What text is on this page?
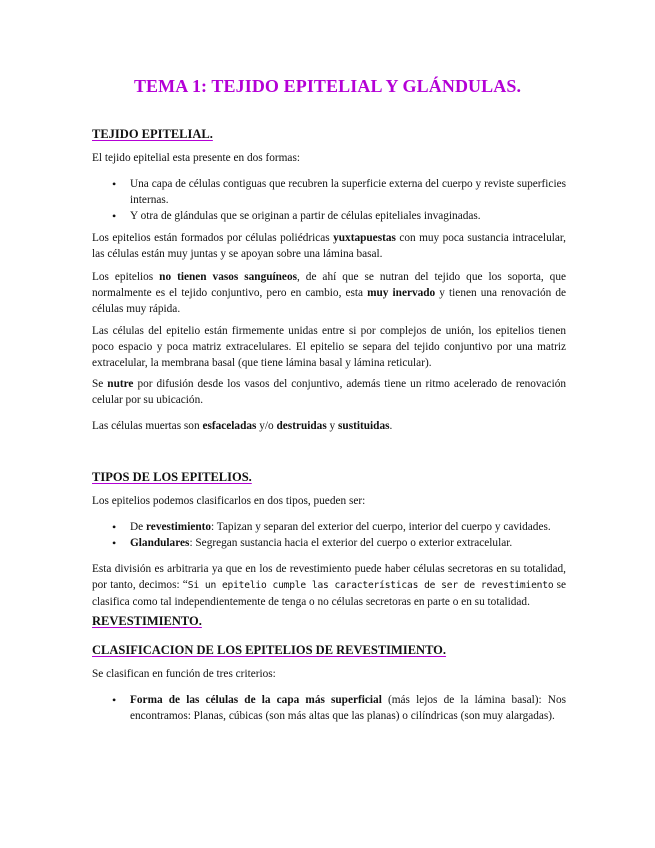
TEMA 1: TEJIDO EPITELIAL Y GLÁNDULAS.
TEJIDO EPITELIAL.

El tejido epitelial esta presente en dos formas:

• Una capa de células contiguas que recubren la superficie externa del cuerpo y reviste superficies internas.
• Y otra de glándulas que se originan a partir de células epiteliales invaginadas.

Los epitelios están formados por células poliédricas yuxtapuestas con muy poca sustancia intracelular, las células están muy juntas y se apoyan sobre una lámina basal.

Los epitelios no tienen vasos sanguíneos, de ahí que se nutran del tejido que los soporta, que normalmente es el tejido conjuntivo, pero en cambio, esta muy inervado y tienen una renovación de células muy rápida.

Las células del epitelio están firmemente unidas entre si por complejos de unión, los epitelios tienen poco espacio y poca matriz extracelulares. El epitelio se separa del tejido conjuntivo por una matriz extracelular, la membrana basal (que tiene lámina basal y lámina reticular).

Se nutre por difusión desde los vasos del conjuntivo, además tiene un ritmo acelerado de renovación celular por su ubicación.

Las células muertas son esfaceladas y/o destruidas y sustituidas.

TIPOS DE LOS EPITELIOS.

Los epitelios podemos clasificarlos en dos tipos, pueden ser:

• De revestimiento: Tapizan y separan del exterior del cuerpo, interior del cuerpo y cavidades.
• Glandulares: Segregan sustancia hacia el exterior del cuerpo o exterior extracelular.

Esta división es arbitraria ya que en los de revestimiento puede haber células secretoras en su totalidad, por tanto, decimos: “Si un epitelio cumple las características de ser de revestimiento se clasifica como tal independientemente de tenga o no células secretoras en parte o en su totalidad.

REVESTIMIENTO.
CLASIFICACION DE LOS EPITELIOS DE REVESTIMIENTO.

Se clasifican en función de tres criterios:

• Forma de las células de la capa más superficial (más lejos de la lámina basal): Nos encontramos: Planas, cúbicas (son más altas que las planas) o cilíndricas (son muy alargadas).
